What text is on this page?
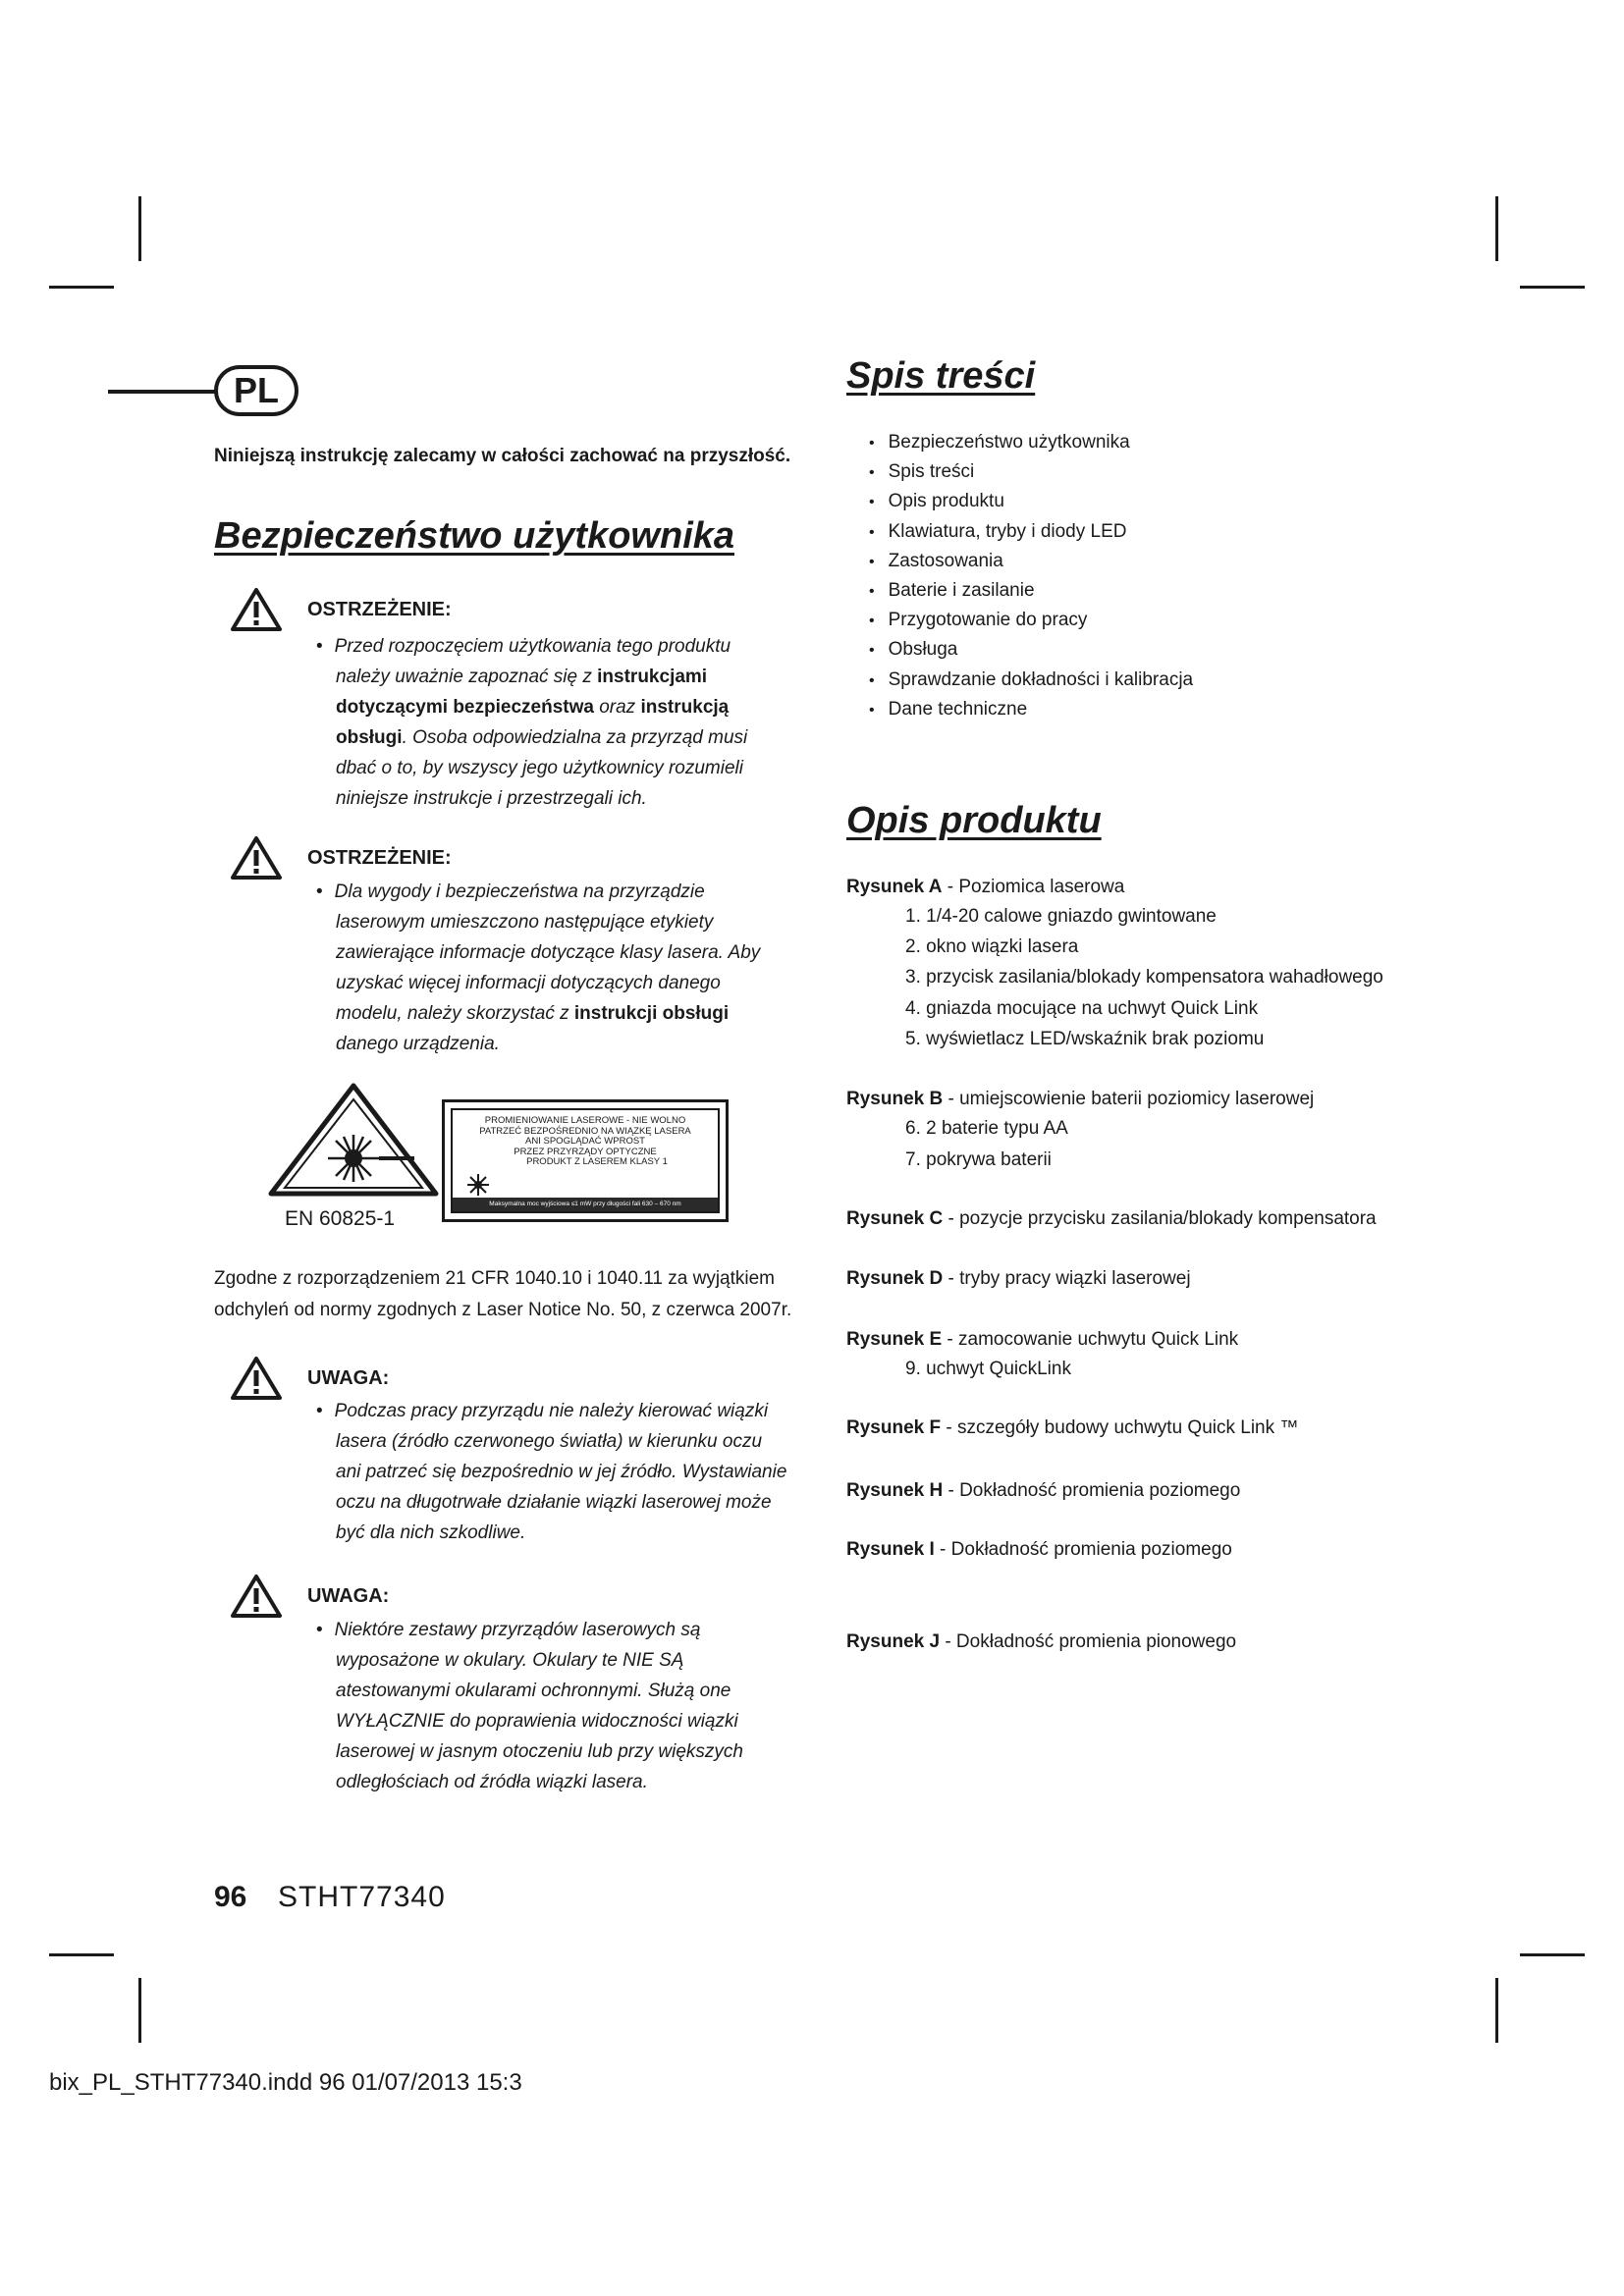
PL
Niniejszą instrukcję zalecamy w całości zachować na przyszłość.
Bezpieczeństwo użytkownika
OSTRZEŻENIE:
• Przed rozpoczęciem użytkowania tego produktu należy uważnie zapoznać się z instrukcjami dotyczącymi bezpieczeństwa oraz instrukcją obsługi. Osoba odpowiedzialna za przyrząd musi dbać o to, by wszyscy jego użytkownicy rozumieli niniejsze instrukcje i przestrzegali ich.
OSTRZEŻENIE:
• Dla wygody i bezpieczeństwa na przyrządzie laserowym umieszczono następujące etykiety zawierające informacje dotyczące klasy lasera. Aby uzyskać więcej informacji dotyczących danego modelu, należy skorzystać z instrukcji obsługi danego urządzenia.
EN 60825-1
PROMIENIOWANIE LASEROWE - NIE WOLNO
PATRZEĆ BEZPOŚREDNIO NA WIĄZKĘ LASERA
ANI SPOGLĄDAĆ WPROST
PRZEZ PRZYRZĄDY OPTYCZNE
PRODUKT Z LASEREM KLASY 1
Maksymalna moc wyjściowa ≤1 mW przy długości fali 630 – 670 nm
Zgodne z rozporządzeniem 21 CFR 1040.10 i 1040.11 za wyjątkiem odchyleń od normy zgodnych z Laser Notice No. 50, z czerwca 2007r.
UWAGA:
• Podczas pracy przyrządu nie należy kierować wiązki lasera (źródło czerwonego światła) w kierunku oczu ani patrzeć się bezpośrednio w jej źródło. Wystawianie oczu na długotrwałe działanie wiązki laserowej może być dla nich szkodliwe.
UWAGA:
• Niektóre zestawy przyrządów laserowych są wyposażone w okulary. Okulary te NIE SĄ atestowanymi okularami ochronnymi. Służą one WYŁĄCZNIE do poprawienia widoczności wiązki laserowej w jasnym otoczeniu lub przy większych odległościach od źródła wiązki lasera.
Spis treści
• Bezpieczeństwo użytkownika
• Spis treści
• Opis produktu
• Klawiatura, tryby i diody LED
• Zastosowania
• Baterie i zasilanie
• Przygotowanie do pracy
• Obsługa
• Sprawdzanie dokładności i kalibracja
• Dane techniczne
Opis produktu
Rysunek A - Poziomica laserowa
1. 1/4-20 calowe gniazdo gwintowane
2. okno wiązki lasera
3. przycisk zasilania/blokady kompensatora wahadłowego
4. gniazda mocujące na uchwyt Quick Link
5. wyświetlacz LED/wskaźnik brak poziomu
Rysunek B - umiejscowienie baterii poziomicy laserowej
6. 2 baterie typu AA
7. pokrywa baterii
Rysunek C - pozycje przycisku zasilania/blokady kompensatora
Rysunek D - tryby pracy wiązki laserowej
Rysunek E - zamocowanie uchwytu Quick Link
9. uchwyt QuickLink
Rysunek F - szczegóły budowy uchwytu Quick Link ™
Rysunek H - Dokładność promienia poziomego
Rysunek I - Dokładność promienia poziomego
Rysunek J - Dokładność promienia pionowego
96 STHT77340
bix_PL_STHT77340.indd 96 01/07/2013 15:3
